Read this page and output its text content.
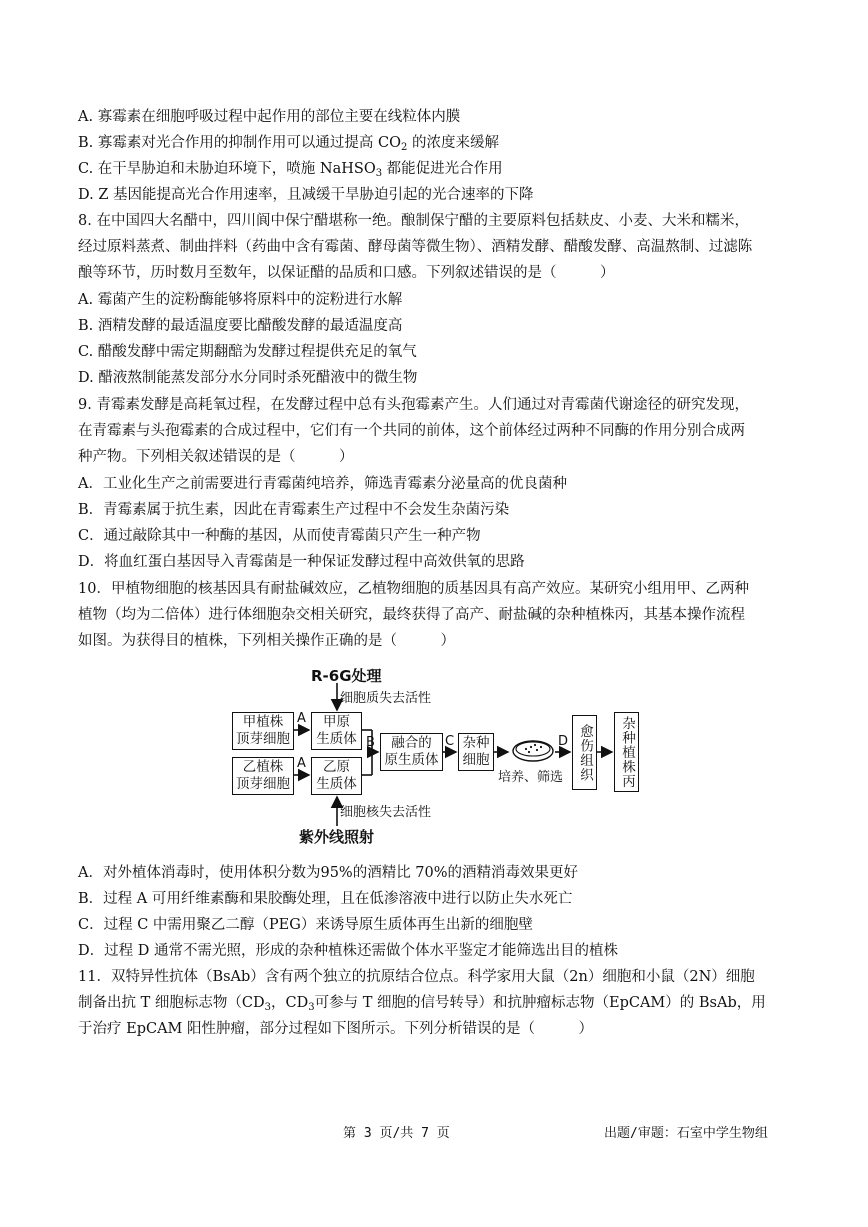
A. 寡霉素在细胞呼吸过程中起作用的部位主要在线粒体内膜
B. 寡霉素对光合作用的抑制作用可以通过提高 $CO_2$ 的浓度来缓解
C. 在干旱胁迫和未胁迫环境下，喷施 NaHSO$_3$ 都能促进光合作用
D. Z 基因能提高光合作用速率，且减缓干旱胁迫引起的光合速率的下降
8. 在中国四大名醋中，四川阆中保宁醋堪称一绝。酿制保宁醋的主要原料包括麸皮、小麦、大米和糯米，
经过原料蒸煮、制曲拌料（药曲中含有霉菌、酵母菌等微生物）、酒精发酵、醋酸发酵、高温熬制、过滤陈
酿等环节，历时数月至数年，以保证醋的品质和口感。下列叙述错误的是（　　　）
A. 霉菌产生的淀粉酶能够将原料中的淀粉进行水解
B. 酒精发酵的最适温度要比醋酸发酵的最适温度高
C. 醋酸发酵中需定期翻醅为发酵过程提供充足的氧气
D. 醋液熬制能蒸发部分水分同时杀死醋液中的微生物
9. 青霉素发酵是高耗氧过程，在发酵过程中总有头孢霉素产生。人们通过对青霉菌代谢途径的研究发现，
在青霉素与头孢霉素的合成过程中，它们有一个共同的前体，这个前体经过两种不同酶的作用分别合成两
种产物。下列相关叙述错误的是（　　　）
A．工业化生产之前需要进行青霉菌纯培养，筛选青霉素分泌量高的优良菌种
B．青霉素属于抗生素，因此在青霉素生产过程中不会发生杂菌污染
C．通过敲除其中一种酶的基因，从而使青霉菌只产生一种产物
D．将血红蛋白基因导入青霉菌是一种保证发酵过程中高效供氧的思路
10．甲植物细胞的核基因具有耐盐碱效应，乙植物细胞的质基因具有高产效应。某研究小组用甲、乙两种
植物（均为二倍体）进行体细胞杂交相关研究，最终获得了高产、耐盐碱的杂种植株丙，其基本操作流程
如图。为获得目的植株，下列相关操作正确的是（　　　）
R-6G处理
细胞质失去活性
甲植株
顶芽细胞
A	甲原
生质体
乙植株
顶芽细胞
A	乙原
生质体
B	融合的
原生质体
C 杂种
细胞
培养、筛选
D 愈伤组织	杂种植株丙
细胞核失去活性
紫外线照射
A．对外植体消毒时，使用体积分数为95%的酒精比 70%的酒精消毒效果更好
B．过程 A 可用纤维素酶和果胶酶处理，且在低渗溶液中进行以防止失水死亡
C．过程 C 中需用聚乙二醇（PEG）来诱导原生质体再生出新的细胞壁
D．过程 D 通常不需光照，形成的杂种植株还需做个体水平鉴定才能筛选出目的植株
11．双特异性抗体（BsAb）含有两个独立的抗原结合位点。科学家用大鼠（2n）细胞和小鼠（2N）细胞
制备出抗 T 细胞标志物（$CD_3$，$CD_3$可参与 T 细胞的信号转导）和抗肿瘤标志物（EpCAM）的 BsAb，用
于治疗 EpCAM 阳性肿瘤，部分过程如下图所示。下列分析错误的是（　　　）
第 3 页/共 7 页	出题/审题：石室中学生物组
